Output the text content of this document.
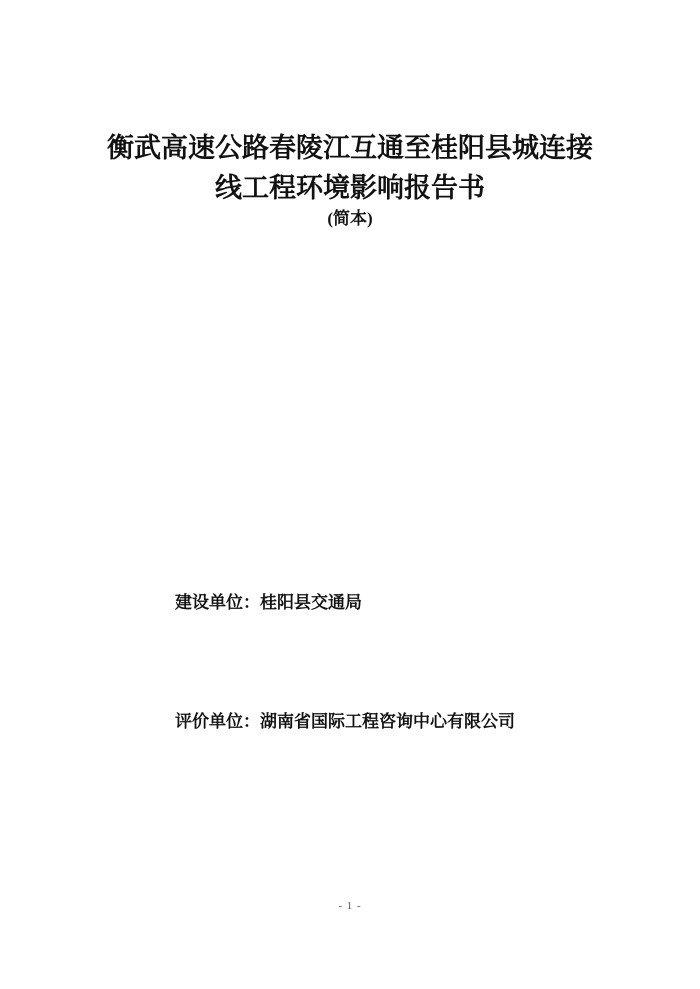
衡武高速公路春陵江互通至桂阳县城连接
线工程环境影响报告书
(简本)
建设单位：桂阳县交通局
评价单位：湖南省国际工程咨询中心有限公司
- 1 -
